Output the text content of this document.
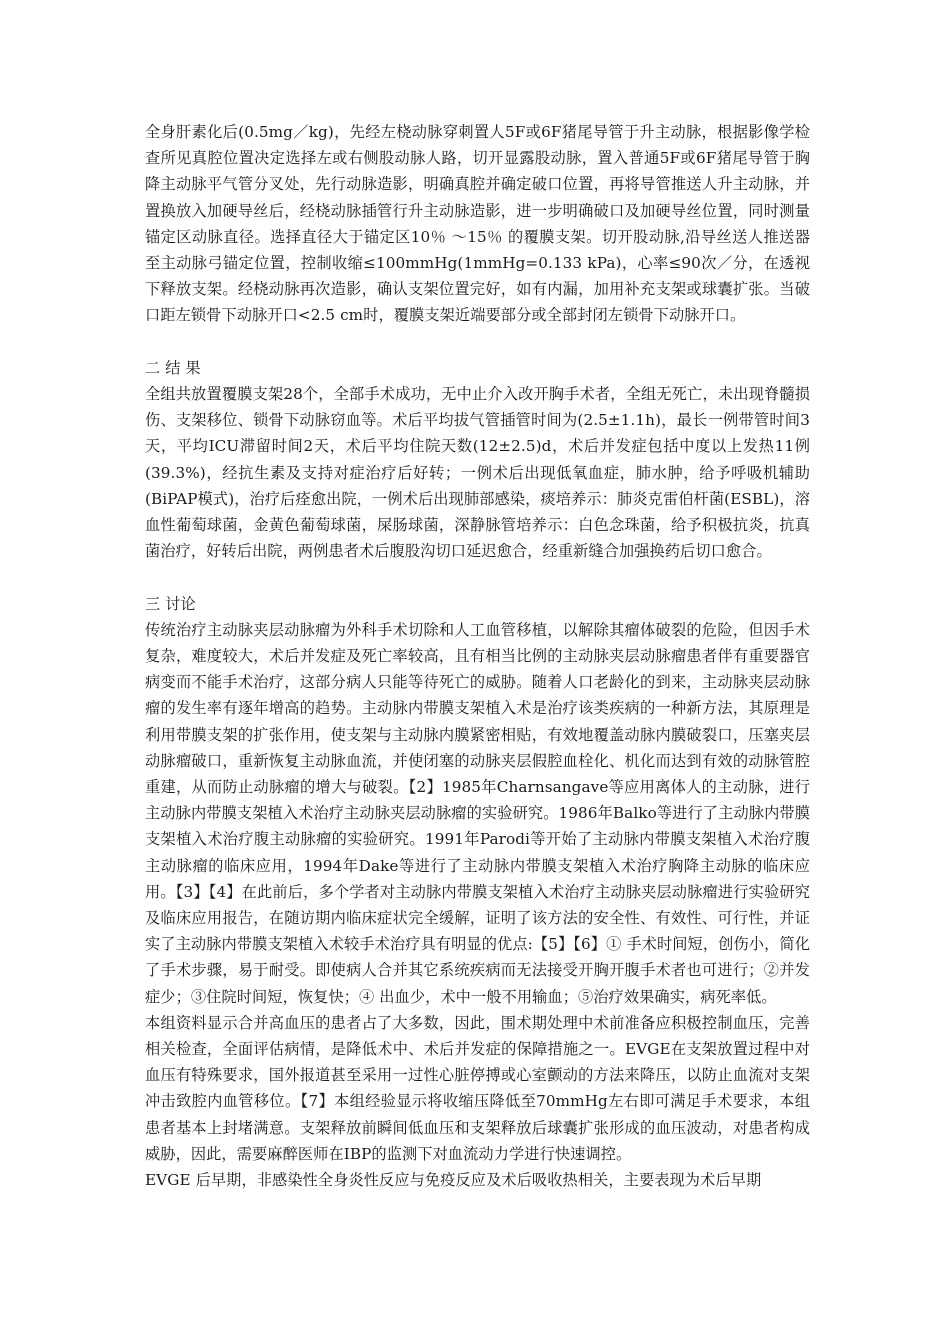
全身肝素化后(0.5mg／kg)，先经左桡动脉穿刺置人5F或6F猪尾导管于升主动脉，根据影像学检查所见真腔位置决定选择左或右侧股动脉人路，切开显露股动脉，置入普通5F或6F猪尾导管于胸降主动脉平气管分叉处，先行动脉造影，明确真腔并确定破口位置，再将导管推送人升主动脉，并置换放入加硬导丝后，经桡动脉插管行升主动脉造影，进一步明确破口及加硬导丝位置，同时测量锚定区动脉直径。选择直径大于锚定区10％ ～15％ 的覆膜支架。切开股动脉,沿导丝送人推送器至主动脉弓锚定位置，控制收缩≤100mmHg(1mmHg=0.133 kPa)，心率≤90次／分，在透视下释放支架。经桡动脉再次造影，确认支架位置完好，如有内漏，加用补充支架或球囊扩张。当破口距左锁骨下动脉开口<2.5 cm时，覆膜支架近端要部分或全部封闭左锁骨下动脉开口。

二 结 果

全组共放置覆膜支架28个，全部手术成功，无中止介入改开胸手术者，全组无死亡，未出现脊髓损伤、支架移位、锁骨下动脉窃血等。术后平均拔气管插管时间为(2.5±1.1h)，最长一例带管时间3天，平均ICU滞留时间2天，术后平均住院天数(12±2.5)d，术后并发症包括中度以上发热11例(39.3%)，经抗生素及支持对症治疗后好转；一例术后出现低氧血症，肺水肿，给予呼吸机辅助(BiPAP模式)，治疗后痊愈出院，一例术后出现肺部感染，痰培养示：肺炎克雷伯杆菌(ESBL)，溶血性葡萄球菌，金黄色葡萄球菌，屎肠球菌，深静脉管培养示：白色念珠菌，给予积极抗炎，抗真菌治疗，好转后出院，两例患者术后腹股沟切口延迟愈合，经重新缝合加强换药后切口愈合。

三 讨论

传统治疗主动脉夹层动脉瘤为外科手术切除和人工血管移植，以解除其瘤体破裂的危险，但因手术复杂，难度较大，术后并发症及死亡率较高，且有相当比例的主动脉夹层动脉瘤患者伴有重要器官病变而不能手术治疗，这部分病人只能等待死亡的威胁。随着人口老龄化的到来，主动脉夹层动脉瘤的发生率有逐年增高的趋势。主动脉内带膜支架植入术是治疗该类疾病的一种新方法，其原理是利用带膜支架的扩张作用，使支架与主动脉内膜紧密相贴，有效地覆盖动脉内膜破裂口，压塞夹层动脉瘤破口，重新恢复主动脉血流，并使闭塞的动脉夹层假腔血栓化、机化而达到有效的动脉管腔重建，从而防止动脉瘤的增大与破裂。【2】1985年Charnsangave等应用离体人的主动脉，进行主动脉内带膜支架植入术治疗主动脉夹层动脉瘤的实验研究。1986年Balko等进行了主动脉内带膜支架植入术治疗腹主动脉瘤的实验研究。1991年Parodi等开始了主动脉内带膜支架植入术治疗腹主动脉瘤的临床应用，1994年Dake等进行了主动脉内带膜支架植入术治疗胸降主动脉的临床应用。【3】【4】在此前后，多个学者对主动脉内带膜支架植入术治疗主动脉夹层动脉瘤进行实验研究及临床应用报告，在随访期内临床症状完全缓解，证明了该方法的安全性、有效性、可行性，并证实了主动脉内带膜支架植入术较手术治疗具有明显的优点:【5】【6】① 手术时间短，创伤小，简化了手术步骤，易于耐受。即使病人合并其它系统疾病而无法接受开胸开腹手术者也可进行；②并发症少；③住院时间短，恢复快；④ 出血少，术中一般不用输血；⑤治疗效果确实，病死率低。

本组资料显示合并高血压的患者占了大多数，因此，围术期处理中术前准备应积极控制血压，完善相关检查，全面评估病情，是降低术中、术后并发症的保障措施之一。EVGE在支架放置过程中对血压有特殊要求，国外报道甚至采用一过性心脏停搏或心室颤动的方法来降压，以防止血流对支架冲击致腔内血管移位。【7】本组经验显示将收缩压降低至70mmHg左右即可满足手术要求，本组患者基本上封堵满意。支架释放前瞬间低血压和支架释放后球囊扩张形成的血压波动，对患者构成威胁，因此，需要麻醉医师在IBP的监测下对血流动力学进行快速调控。

EVGE 后早期，非感染性全身炎性反应与免疫反应及术后吸收热相关，主要表现为术后早期
